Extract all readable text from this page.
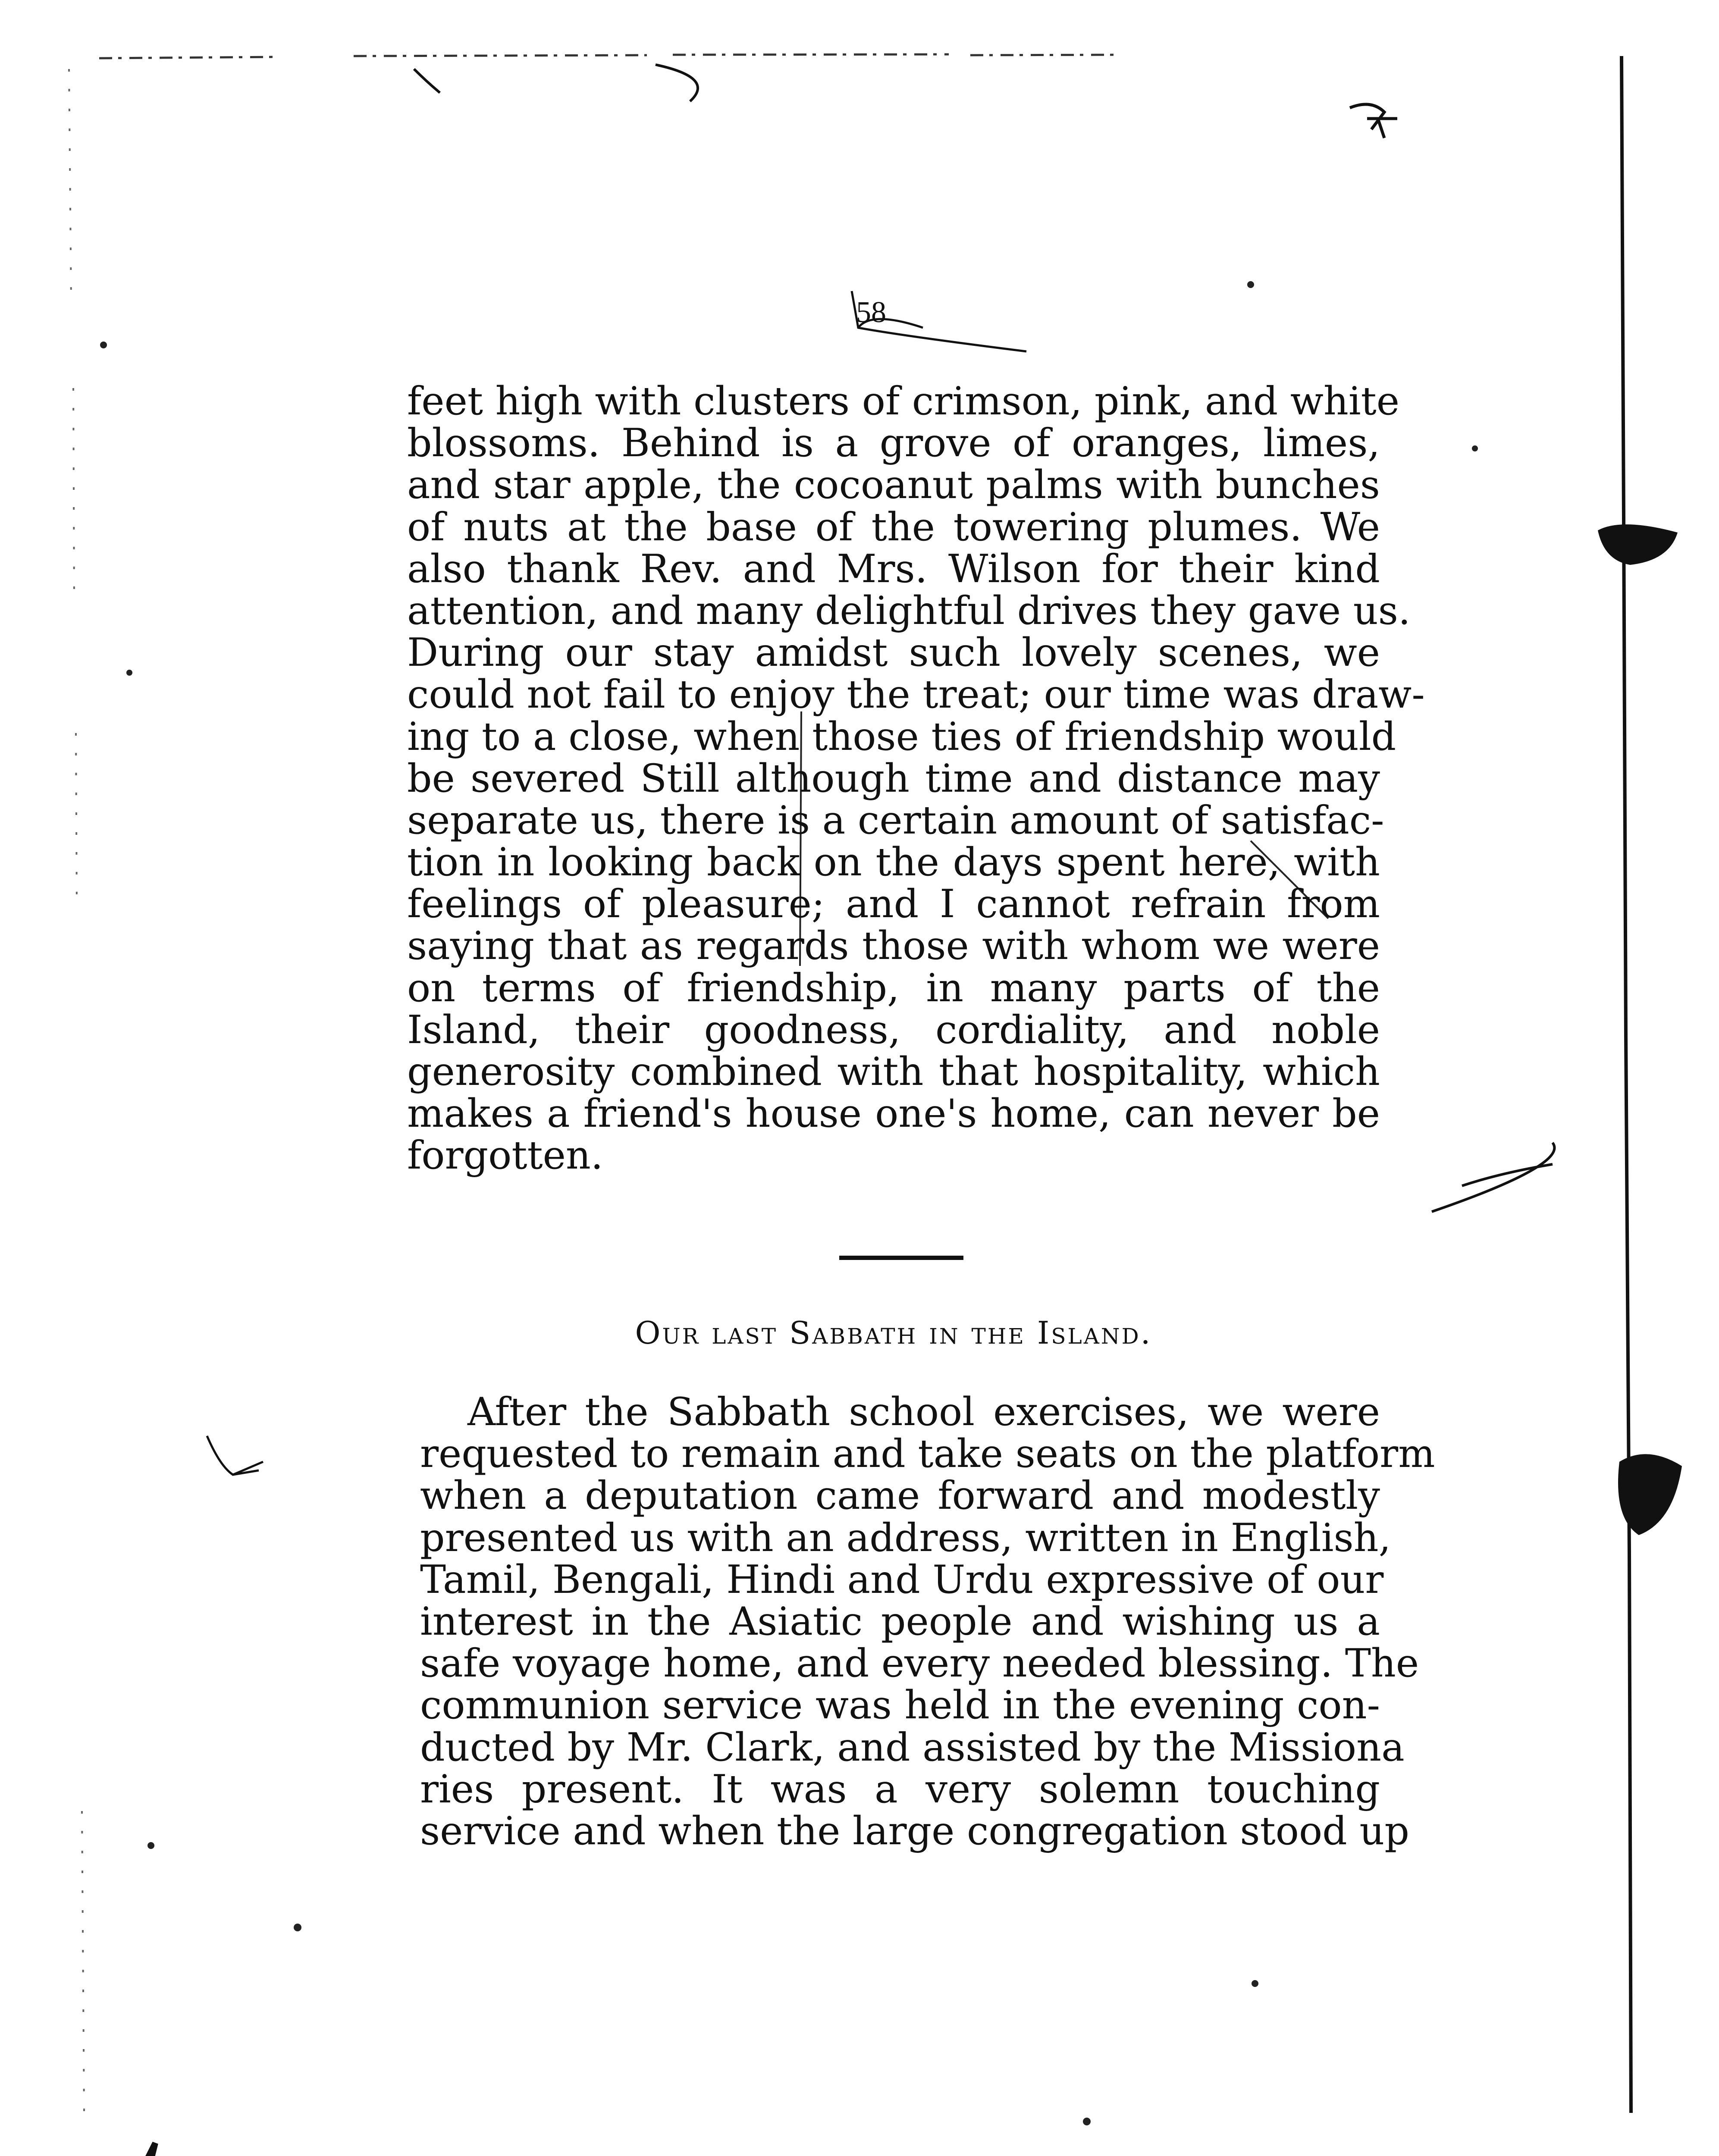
58
feet high with clusters of crimson, pink, and white
blossoms. Behind is a grove of oranges, limes,
and star apple, the cocoanut palms with bunches
of nuts at the base of the towering plumes. We
also thank Rev. and Mrs. Wilson for their kind
attention, and many delightful drives they gave us.
During our stay amidst such lovely scenes, we
could not fail to enjoy the treat; our time was draw-
ing to a close, when those ties of friendship would
be severed Still although time and distance may
separate us, there is a certain amount of satisfac-
tion in looking back on the days spent here, with
feelings of pleasure; and I cannot refrain from
saying that as regards those with whom we were
on terms of friendship, in many parts of the
Island, their goodness, cordiality, and noble
generosity combined with that hospitality, which
makes a friend's house one's home, can never be
forgotten.
Our last Sabbath in the Island.
After the Sabbath school exercises, we were
requested to remain and take seats on the platform
when a deputation came forward and modestly
presented us with an address, written in English,
Tamil, Bengali, Hindi and Urdu expressive of our
interest in the Asiatic people and wishing us a
safe voyage home, and every needed blessing. The
communion service was held in the evening con-
ducted by Mr. Clark, and assisted by the Missiona
ries present. It was a very solemn touching
service and when the large congregation stood up
